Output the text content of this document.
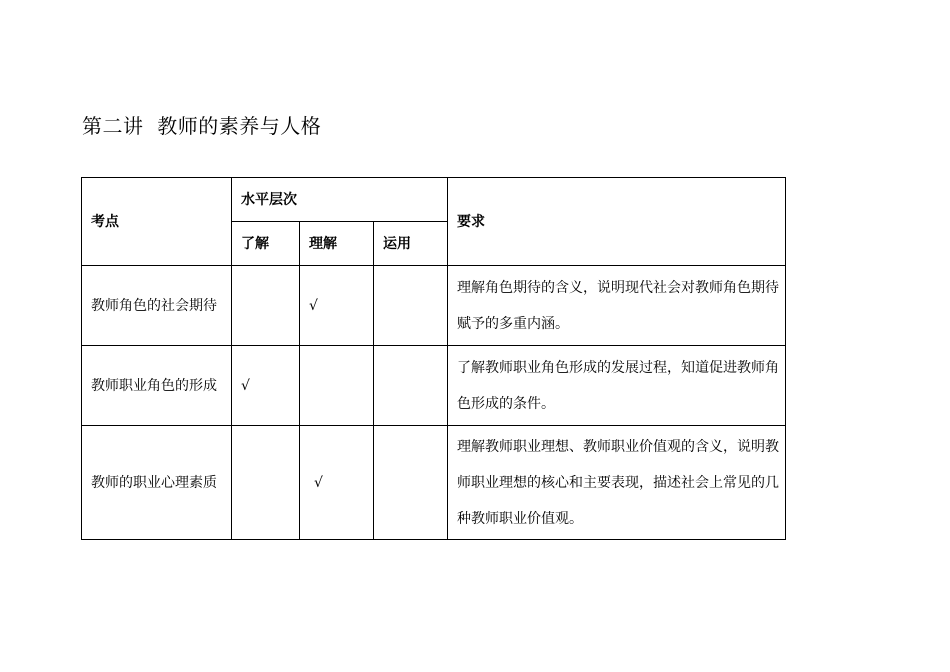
第二讲  教师的素养与人格
考点	水平层次			要求
	了解	理解	运用	
教师角色的社会期待		√		理解角色期待的含义，说明现代社会对教师角色期待赋予的多重内涵。
教师职业角色的形成	√			了解教师职业角色形成的发展过程，知道促进教师角色形成的条件。
教师的职业心理素质		√		理解教师职业理想、教师职业价值观的含义，说明教师职业理想的核心和主要表现，描述社会上常见的几种教师职业价值观。
